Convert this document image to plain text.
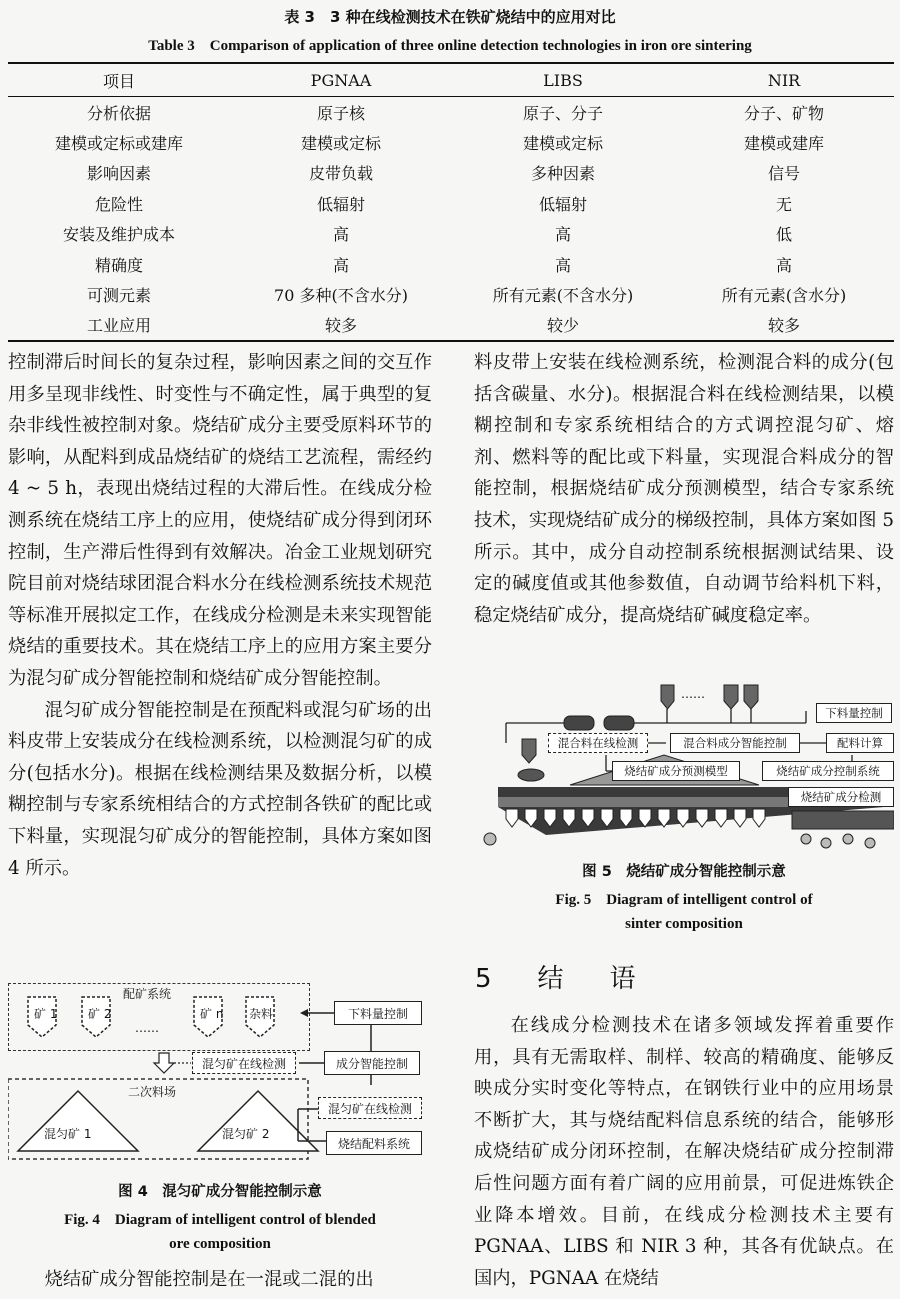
表 3　3 种在线检测技术在铁矿烧结中的应用对比
Table 3　Comparison of application of three online detection technologies in iron ore sintering
项目	PGNAA	LIBS	NIR
分析依据	原子核	原子、分子	分子、矿物
建模或定标或建库	建模或定标	建模或定标	建模或建库
影响因素	皮带负载	多种因素	信号
危险性	低辐射	低辐射	无
安装及维护成本	高	高	低
精确度	高	高	高
可测元素	70 多种(不含水分)	所有元素(不含水分)	所有元素(含水分)
工业应用	较多	较少	较多

控制滞后时间长的复杂过程，影响因素之间的交互作用多呈现非线性、时变性与不确定性，属于典型的复杂非线性被控制对象。烧结矿成分主要受原料环节的影响，从配料到成品烧结矿的烧结工艺流程，需经约 4 ~ 5 h，表现出烧结过程的大滞后性。在线成分检测系统在烧结工序上的应用，使烧结矿成分得到闭环控制，生产滞后性得到有效解决。冶金工业规划研究院目前对烧结球团混合料水分在线检测系统技术规范等标准开展拟定工作，在线成分检测是未来实现智能烧结的重要技术。其在烧结工序上的应用方案主要分为混匀矿成分智能控制和烧结矿成分智能控制。

混匀矿成分智能控制是在预配料或混匀矿场的出料皮带上安装成分在线检测系统，以检测混匀矿的成分(包括水分)。根据在线检测结果及数据分析，以模糊控制与专家系统相结合的方式控制各铁矿的配比或下料量，实现混匀矿成分的智能控制，具体方案如图 4 所示。

配矿系统
矿 1	矿 2	矿 n 杂料
……
二次料场
混匀矿 1	混匀矿 2
下料量控制
混匀矿在线检测	成分智能控制
混匀矿在线检测
烧结配料系统
图 4　混匀矿成分智能控制示意
Fig. 4　Diagram of intelligent control of blended
ore composition
烧结矿成分智能控制是在一混或二混的出
料皮带上安装在线检测系统，检测混合料的成分(包括含碳量、水分)。根据混合料在线检测结果，以模糊控制和专家系统相结合的方式调控混匀矿、熔剂、燃料等的配比或下料量，实现混合料成分的智能控制，根据烧结矿成分预测模型，结合专家系统技术，实现烧结矿成分的梯级控制，具体方案如图 5 所示。其中，成分自动控制系统根据测试结果、设定的碱度值或其他参数值，自动调节给料机下料，稳定烧结矿成分，提高烧结矿碱度稳定率。
……
下料量控制
混合料在线检测	混合料成分智能控制	配料计算
烧结矿成分预测模型	烧结矿成分控制系统
烧结矿成分检测
图 5　烧结矿成分智能控制示意
Fig. 5　Diagram of intelligent control of
sinter composition
5　结　语
在线成分检测技术在诸多领域发挥着重要作用，具有无需取样、制样、较高的精确度、能够反映成分实时变化等特点，在钢铁行业中的应用场景不断扩大，其与烧结配料信息系统的结合，能够形成烧结矿成分闭环控制，在解决烧结矿成分控制滞后性问题方面有着广阔的应用前景，可促进炼铁企业降本增效。目前，在线成分检测技术主要有 PGNAA、LIBS 和 NIR 3 种，其各有优缺点。在国内，PGNAA 在烧结
